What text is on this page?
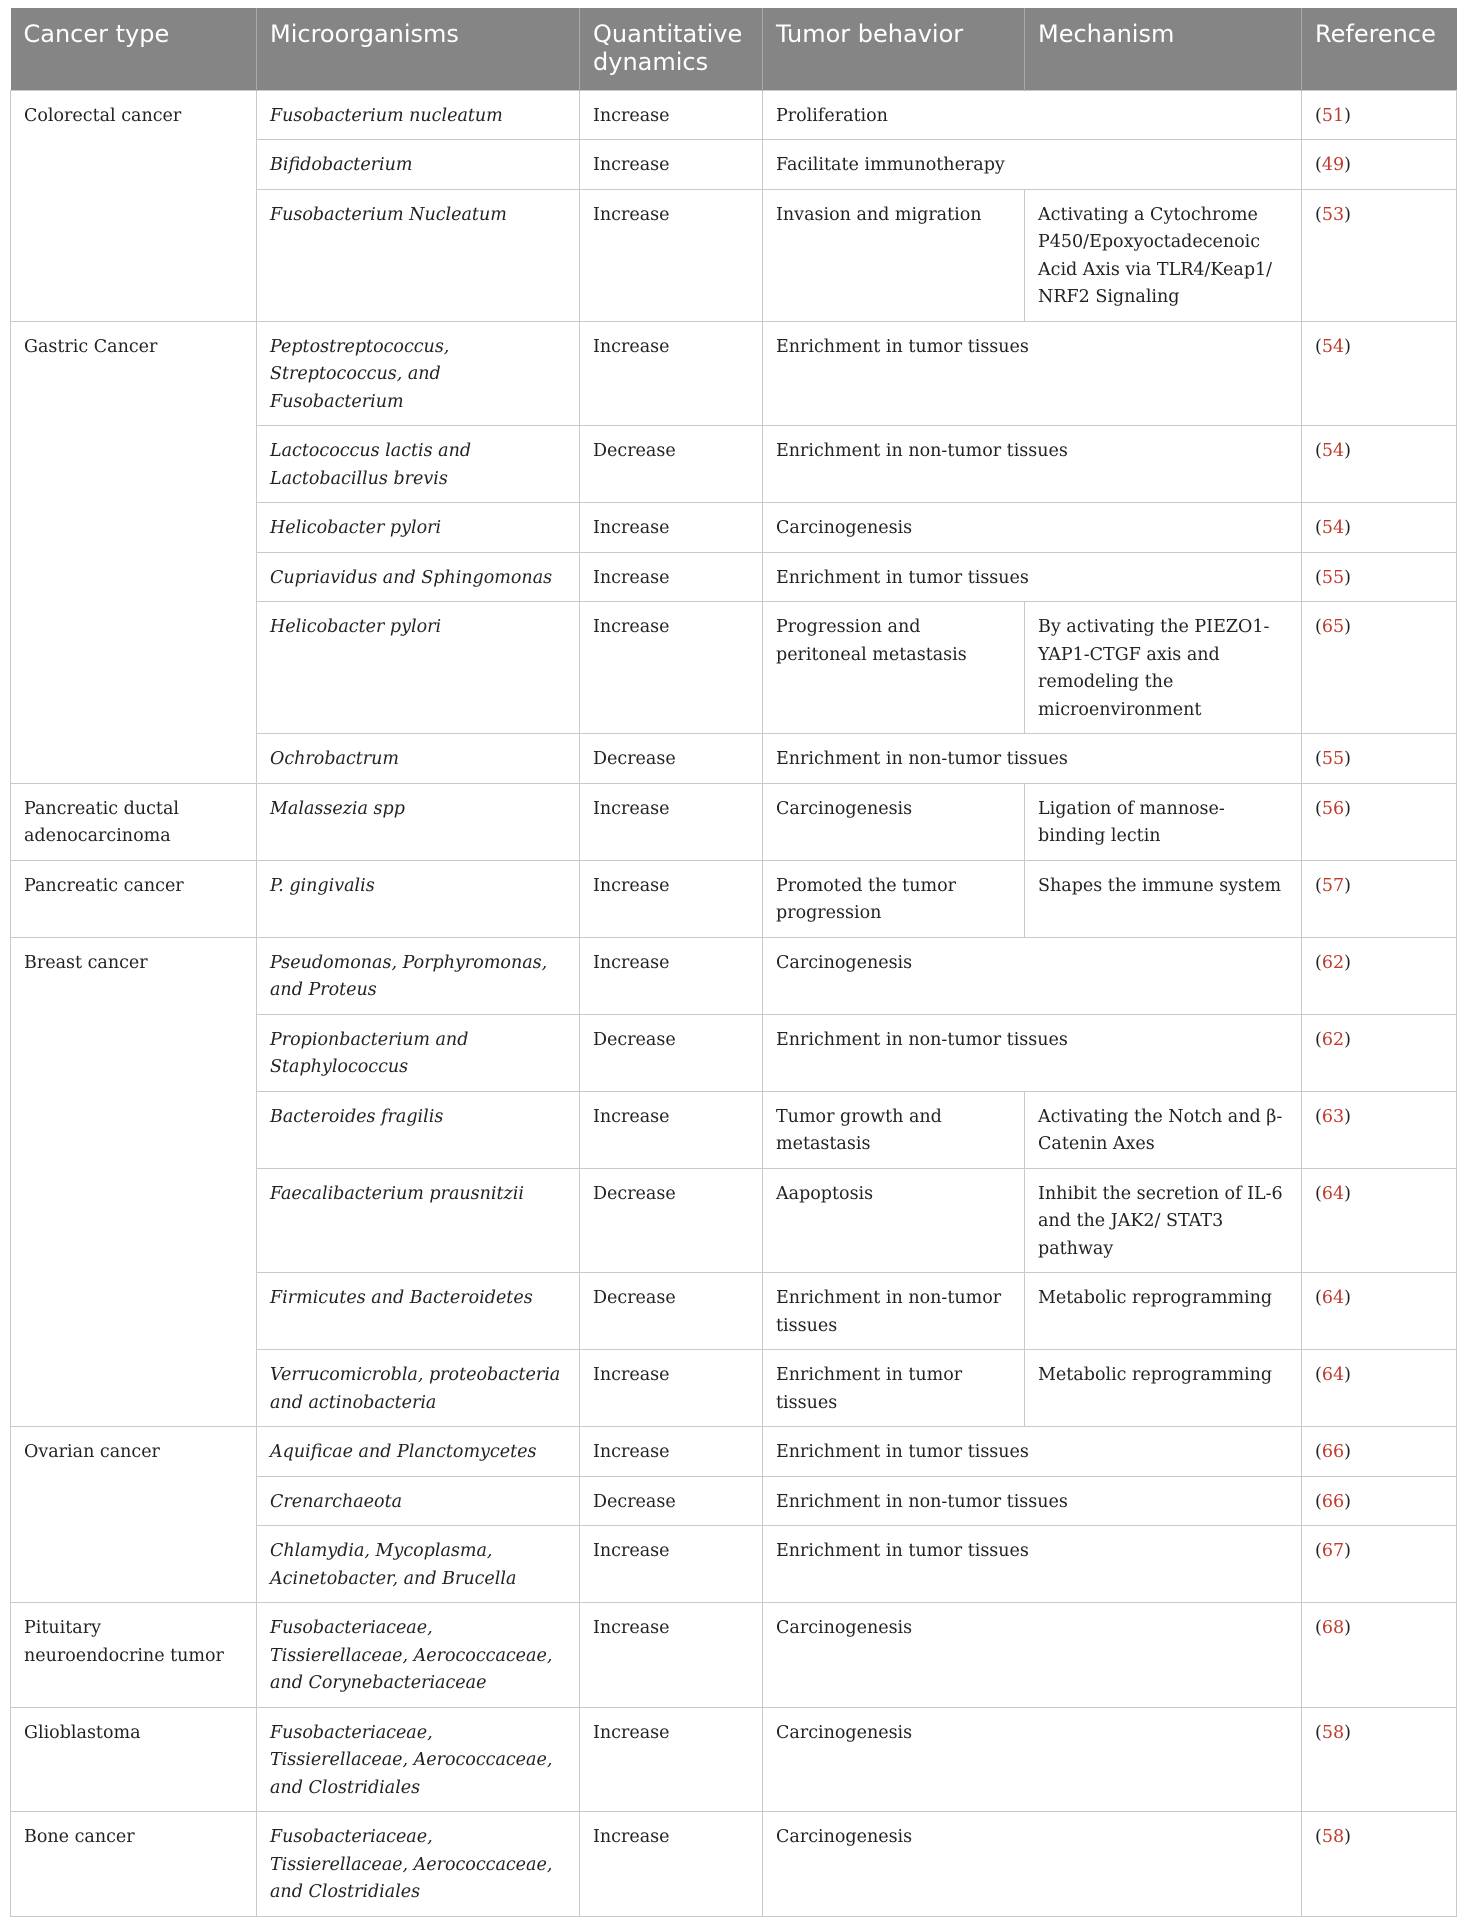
Cancer type	Microorganisms	Quantitative dynamics	Tumor behavior	Mechanism	Reference
Colorectal cancer	Fusobacterium nucleatum	Increase	Proliferation		(51)
	Bifidobacterium	Increase	Facilitate immunotherapy		(49)
	Fusobacterium Nucleatum	Increase	Invasion and migration	Activating a Cytochrome P450/Epoxyoctadecenoic Acid Axis via TLR4/Keap1/ NRF2 Signaling	(53)
Gastric Cancer	Peptostreptococcus, Streptococcus, and Fusobacterium	Increase	Enrichment in tumor tissues		(54)
	Lactococcus lactis and Lactobacillus brevis	Decrease	Enrichment in non-tumor tissues		(54)
	Helicobacter pylori	Increase	Carcinogenesis		(54)
	Cupriavidus and Sphingomonas	Increase	Enrichment in tumor tissues		(55)
	Helicobacter pylori	Increase	Progression and peritoneal metastasis	By activating the PIEZO1-YAP1-CTGF axis and remodeling the microenvironment	(65)
	Ochrobactrum	Decrease	Enrichment in non-tumor tissues		(55)
Pancreatic ductal adenocarcinoma	Malassezia spp	Increase	Carcinogenesis	Ligation of mannose-binding lectin	(56)
Pancreatic cancer	P. gingivalis	Increase	Promoted the tumor progression	Shapes the immune system	(57)
Breast cancer	Pseudomonas, Porphyromonas, and Proteus	Increase	Carcinogenesis		(62)
	Propionbacterium and Staphylococcus	Decrease	Enrichment in non-tumor tissues		(62)
	Bacteroides fragilis	Increase	Tumor growth and metastasis	Activating the Notch and β-Catenin Axes	(63)
	Faecalibacterium prausnitzii	Decrease	Aapoptosis	Inhibit the secretion of IL-6 and the JAK2/ STAT3 pathway	(64)
	Firmicutes and Bacteroidetes	Decrease	Enrichment in non-tumor tissues	Metabolic reprogramming	(64)
	Verrucomicrobla, proteobacteria and actinobacteria	Increase	Enrichment in tumor tissues	Metabolic reprogramming	(64)
Ovarian cancer	Aquificae and Planctomycetes	Increase	Enrichment in tumor tissues		(66)
	Crenarchaeota	Decrease	Enrichment in non-tumor tissues		(66)
	Chlamydia, Mycoplasma, Acinetobacter, and Brucella	Increase	Enrichment in tumor tissues		(67)
Pituitary neuroendocrine tumor	Fusobacteriaceae, Tissierellaceae, Aerococcaceae, and Corynebacteriaceae	Increase	Carcinogenesis		(68)
Glioblastoma	Fusobacteriaceae, Tissierellaceae, Aerococcaceae, and Clostridiales	Increase	Carcinogenesis		(58)
Bone cancer	Fusobacteriaceae, Tissierellaceae, Aerococcaceae, and Clostridiales	Increase	Carcinogenesis		(58)
